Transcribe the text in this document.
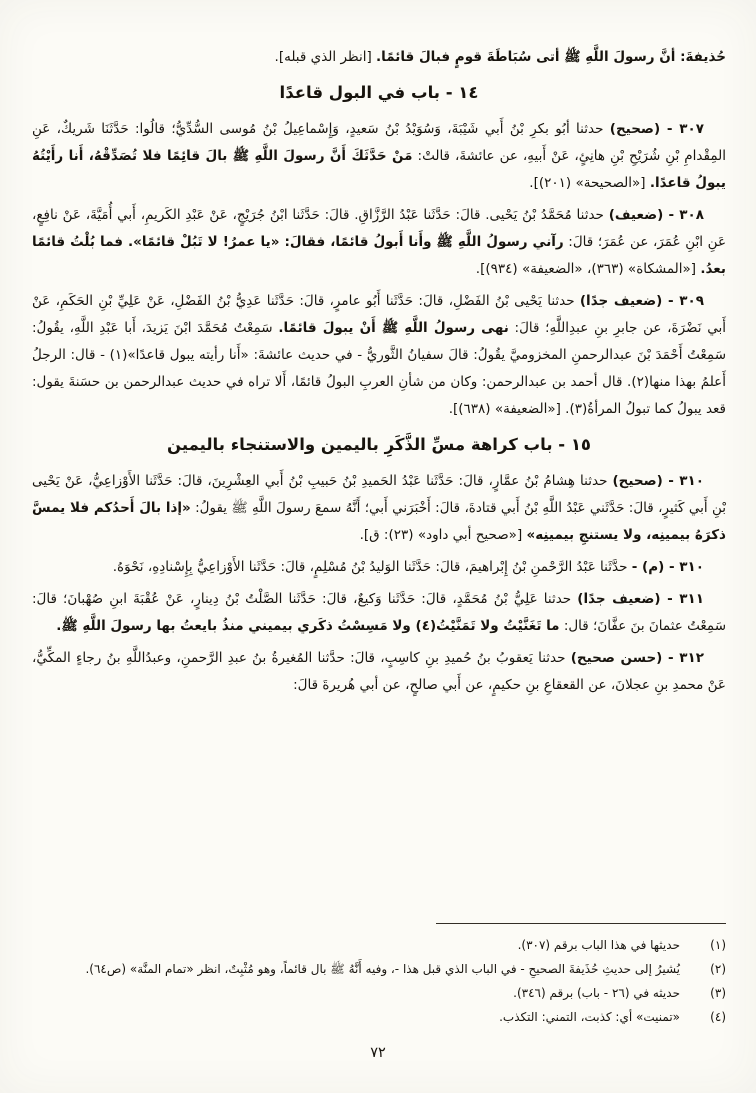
حُذيفةَ: أنَّ رسولَ اللَّهِ ﷺ أتى سُبَاطَةَ قومٍ فبالَ قائمًا. [انظر الذي قبله].

١٤ - باب في البول قاعدًا

٣٠٧ - (صحيح) حدثنا أبُو بكرِ بْنُ أَبي شَيْبَةَ، وَسُوَيْدُ بْنُ سَعيدٍ، وَإِسْماعِيلُ بْنُ مُوسى السُّدِّيُّ؛ قالُوا: حَدَّثَنَا شَريكٌ، عَنِ المِقْدامِ بْنِ شُرَيْحِ بْنِ هانِئٍ، عَنْ أَبيهِ، عن عائشةَ، قالتْ: مَنْ حَدَّثَكَ أَنَّ رسولَ اللَّهِ ﷺ بالَ قائِمًا فلا تُصَدِّقْهُ، أَنا رأَيْتُهُ يبولُ قاعدًا. [«الصحيحة» (٢٠١)].

٣٠٨ - (ضعيف) حدثنا مُحَمَّدُ بْنُ يَحْيى. قالَ: حَدَّثَنا عَبْدُ الرَّزَّاقِ. قالَ: حَدَّثَنا ابْنُ جُرَيْجٍ، عَنْ عَبْدِ الكَريمِ، أَبي أُمَيَّةَ، عَنْ نافِعٍ، عَنِ ابْنِ عُمَرَ، عن عُمَرَ؛ قالَ: رآني رسولُ اللَّهِ ﷺ وأَنا أَبولُ قائمًا، فقالَ: «يا عمرُ! لا تَبُلْ قائمًا». فما بُلْتُ قائمًا بعدُ. [«المشكاة» (٣٦٣)، «الضعيفة» (٩٣٤)].

٣٠٩ - (ضعيف جدًا) حدثنا يَحْيى بْنُ الفَضْلِ، قالَ: حَدَّثَنا أَبُو عامرٍ، قالَ: حَدَّثَنا عَدِيُّ بْنُ الفَضْلِ، عَنْ عَلِيِّ بْنِ الحَكَمِ، عَنْ أَبي نَضْرَةَ، عن جابرِ بنِ عبدِاللَّهِ؛ قالَ: نهى رسولُ اللَّهِ ﷺ أَنْ يبولَ قائمًا. سَمِعْتُ مُحَمَّدَ ابْنَ يَزيدَ، أَبا عَبْدِ اللَّهِ، يقُولُ: سَمِعْتُ أَحْمَدَ بْنَ عبدالرحمنِ المخزوميَّ يقُولُ: قالَ سفيانُ الثَّوريُّ - في حديث عائشةَ: «أَنا رأيته يبول قاعدًا»(١) - قال: الرجلُ أَعلمُ بهذا منها(٢). قال أحمد بن عبدالرحمن: وكان من شأنِ العربِ البولُ قائمًا، أَلا تراه في حديث عبدالرحمن بن حسَنةَ يقول: قعد يبولُ كما تبولُ المرأةُ(٣). [«الضعيفة» (٦٣٨)].

١٥ - باب كراهة مسِّ الذَّكَرِ باليمين والاستنجاء باليمين

٣١٠ - (صحيح) حدثنا هِشامُ بْنُ عمَّارٍ، قالَ: حَدَّثَنا عَبْدُ الحَميدِ بْنُ حَبيبِ بْنُ أَبي العِشْرِينَ، قالَ: حَدَّثَنا الأَوْزاعِيُّ، عَنْ يَحْيى بْنِ أَبي كَثيرٍ، قالَ: حَدَّثَني عَبْدُ اللَّهِ بْنُ أَبي قتادةَ، قالَ: أَخْبَرَني أَبي؛ أَنَّهُ سمعَ رسولَ اللَّهِ ﷺ يقولُ: «إذا بالَ أَحدُكم فلا يمسَّ ذكرَهُ بيمينِه، ولا يستنجِ بيمينِه» [«صحيح أبي داود» (٢٣): ق].

٣١٠ - (م) - حدَّثَنا عَبْدُ الرَّحْمنِ بْنُ إِبْراهيمَ، قالَ: حَدَّثَنا الوَليدُ بْنُ مُسْلِمٍ، قالَ: حَدَّثَنا الأَوْزاعِيُّ بِإِسْنادِهِ، نَحْوَهُ.

٣١١ - (ضعيف جدًا) حدثنا عَلِيُّ بْنُ مُحَمَّدٍ، قالَ: حَدَّثَنا وَكيعٌ، قالَ: حَدَّثَنا الصَّلْتُ بْنُ دِينارٍ، عَنْ عُقْبَةَ ابنِ صُهْبانَ؛ قالَ: سَمِعْتُ عثمانَ بنَ عفَّانَ؛ قال: ما تَغَنَّيْتُ ولا تَمَنَّيْتُ(٤) ولا مَسِسْتُ ذكَري بيميني منذُ بايعتُ بها رسولَ اللَّهِ ﷺ.

٣١٢ - (حسن صحيح) حدثنا يَعقوبُ بنُ حُميدِ بنِ كاسِبٍ، قالَ: حدَّثنا المُغيرةُ بنُ عبدِ الرَّحمنِ، وعبدُاللَّهِ بنُ رجاءٍ المكِّيُّ، عَنْ محمدِ بنِ عجلانَ، عن القعقاعِ بنِ حكيمٍ، عن أَبي صالحٍ، عن أبي هُريرةَ قالَ:

(١)
حديثها في هذا الباب برقم (٣٠٧).
(٢)
يُشيرُ إلى حديثِ حُذَيفةَ الصحيحِ - في الباب الذي قبل هذا -، وفيه أَنَّهُ ﷺ بال قائماً، وهو مُثْبِتٌ، انظر «تمام المنَّة» (ص٦٤).
(٣)
حديثه في (٢٦ - باب) برقم (٣٤٦).
(٤)
«تمنيت» أي: كذبت، التمني: التكذب.
٧٢
